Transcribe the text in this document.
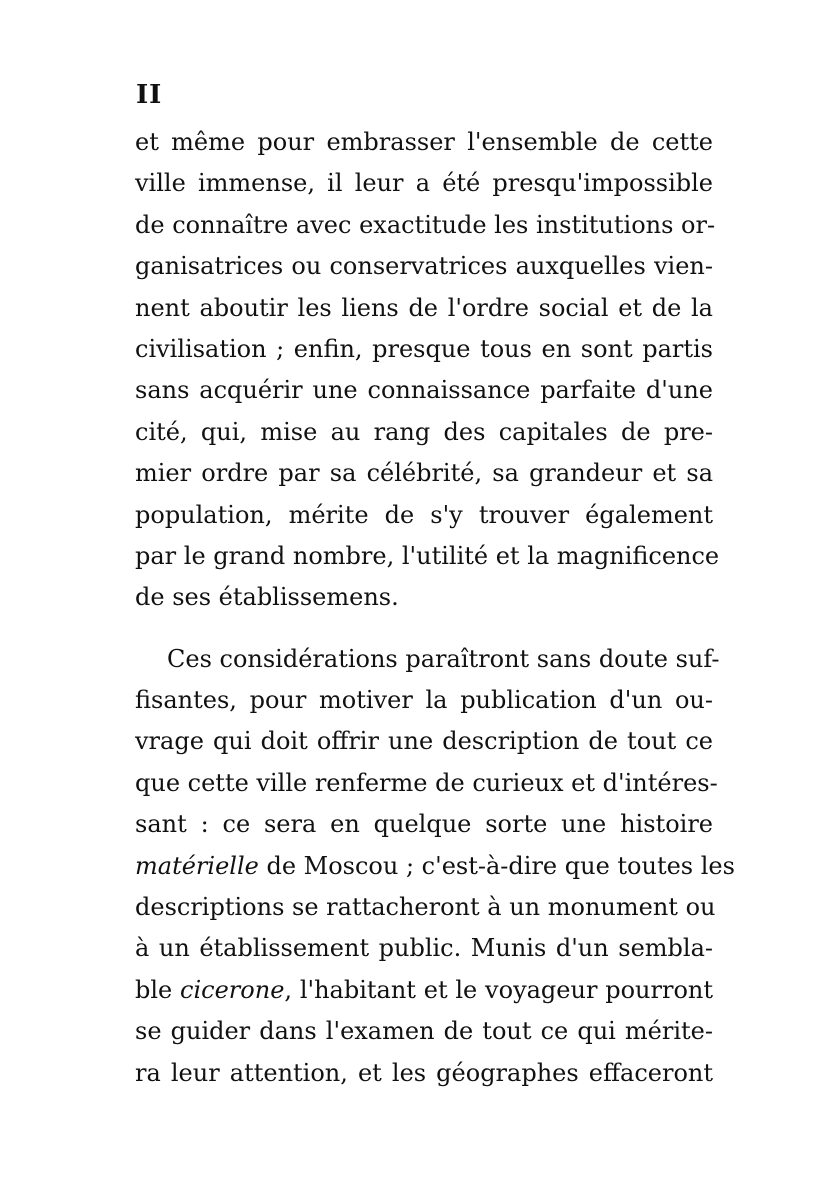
II
et même pour embrasser l'ensemble de cette
ville immense, il leur a été presqu'impossible
de connaître avec exactitude les institutions or-
ganisatrices ou conservatrices auxquelles vien-
nent aboutir les liens de l'ordre social et de la
civilisation ; enfin, presque tous en sont partis
sans acquérir une connaissance parfaite d'une
cité, qui, mise au rang des capitales de pre-
mier ordre par sa célébrité, sa grandeur et sa
population, mérite de s'y trouver également
par le grand nombre, l'utilité et la magnificence
de ses établissemens.
Ces considérations paraîtront sans doute suf-
fisantes, pour motiver la publication d'un ou-
vrage qui doit offrir une description de tout ce
que cette ville renferme de curieux et d'intéres-
sant : ce sera en quelque sorte une histoire
matérielle de Moscou ; c'est-à-dire que toutes les
descriptions se rattacheront à un monument ou
à un établissement public. Munis d'un sembla-
ble cicerone, l'habitant et le voyageur pourront
se guider dans l'examen de tout ce qui mérite-
ra leur attention, et les géographes effaceront
